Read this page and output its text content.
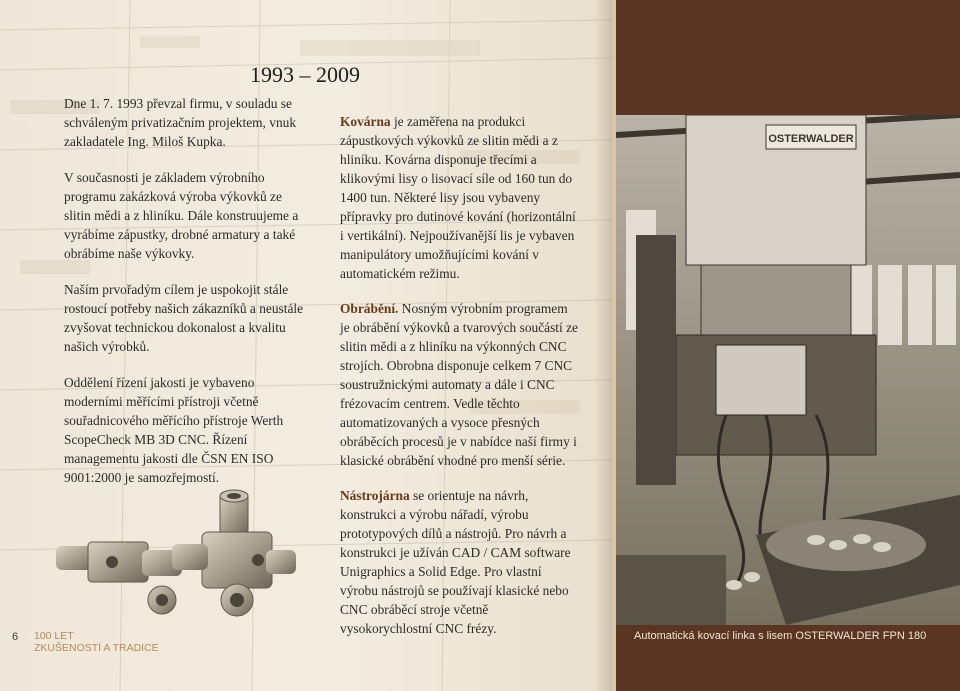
1993 – 2009

Dne 1. 7. 1993 převzal firmu, v souladu se schváleným privatizačním projektem, vnuk zakladatele Ing. Miloš Kupka.

V současnosti je základem výrobního programu zakázková výroba výkovků ze slitin mědi a z hliníku. Dále konstruujeme a vyrábíme zápustky, drobné armatury a také obrábíme naše výkovky.

Naším prvořadým cílem je uspokojit stále rostoucí potřeby našich zákazníků a neustále zvyšovat technickou dokonalost a kvalitu našich výrobků.

Oddělení řízení jakosti je vybaveno moderními měřícími přístroji včetně souřadnicového měřícího přístroje Werth ScopeCheck MB 3D CNC. Řízení managementu jakosti dle ČSN EN ISO 9001:2000 je samozřejmostí.

Kovárna je zaměřena na produkci zápustkových výkovků ze slitin mědi a z hliníku. Kovárna disponuje třecími a klikovými lisy o lisovací síle od 160 tun do 1400 tun. Některé lisy jsou vybaveny přípravky pro dutinové kování (horizontální i vertikální). Nejpoužívanější lis je vybaven manipulátory umožňujícími kování v automatickém režimu.

Obrábění. Nosným výrobním programem je obrábění výkovků a tvarových součástí ze slitin mědi a z hliníku na výkonných CNC strojích. Obrobna disponuje celkem 7 CNC soustružnickými automaty a dále i CNC frézovacím centrem. Vedle těchto automatizovaných a vysoce přesných obráběcích procesů je v nabídce naší firmy i klasické obrábění vhodné pro menší série.

Nástrojárna se orientuje na návrh, konstrukci a výrobu nářadí, výrobu prototypových dílů a nástrojů. Pro návrh a konstrukci je užíván CAD / CAM software Unigraphics a Solid Edge. Pro vlastní výrobu nástrojů se používají klasické nebo CNC obráběcí stroje včetně vysokorychlostní CNC frézy.

6 100 LET
ZKUŠENOSTÍ A TRADICE
OSTERWALDER
Automatická kovací linka s lisem OSTERWALDER FPN 180
